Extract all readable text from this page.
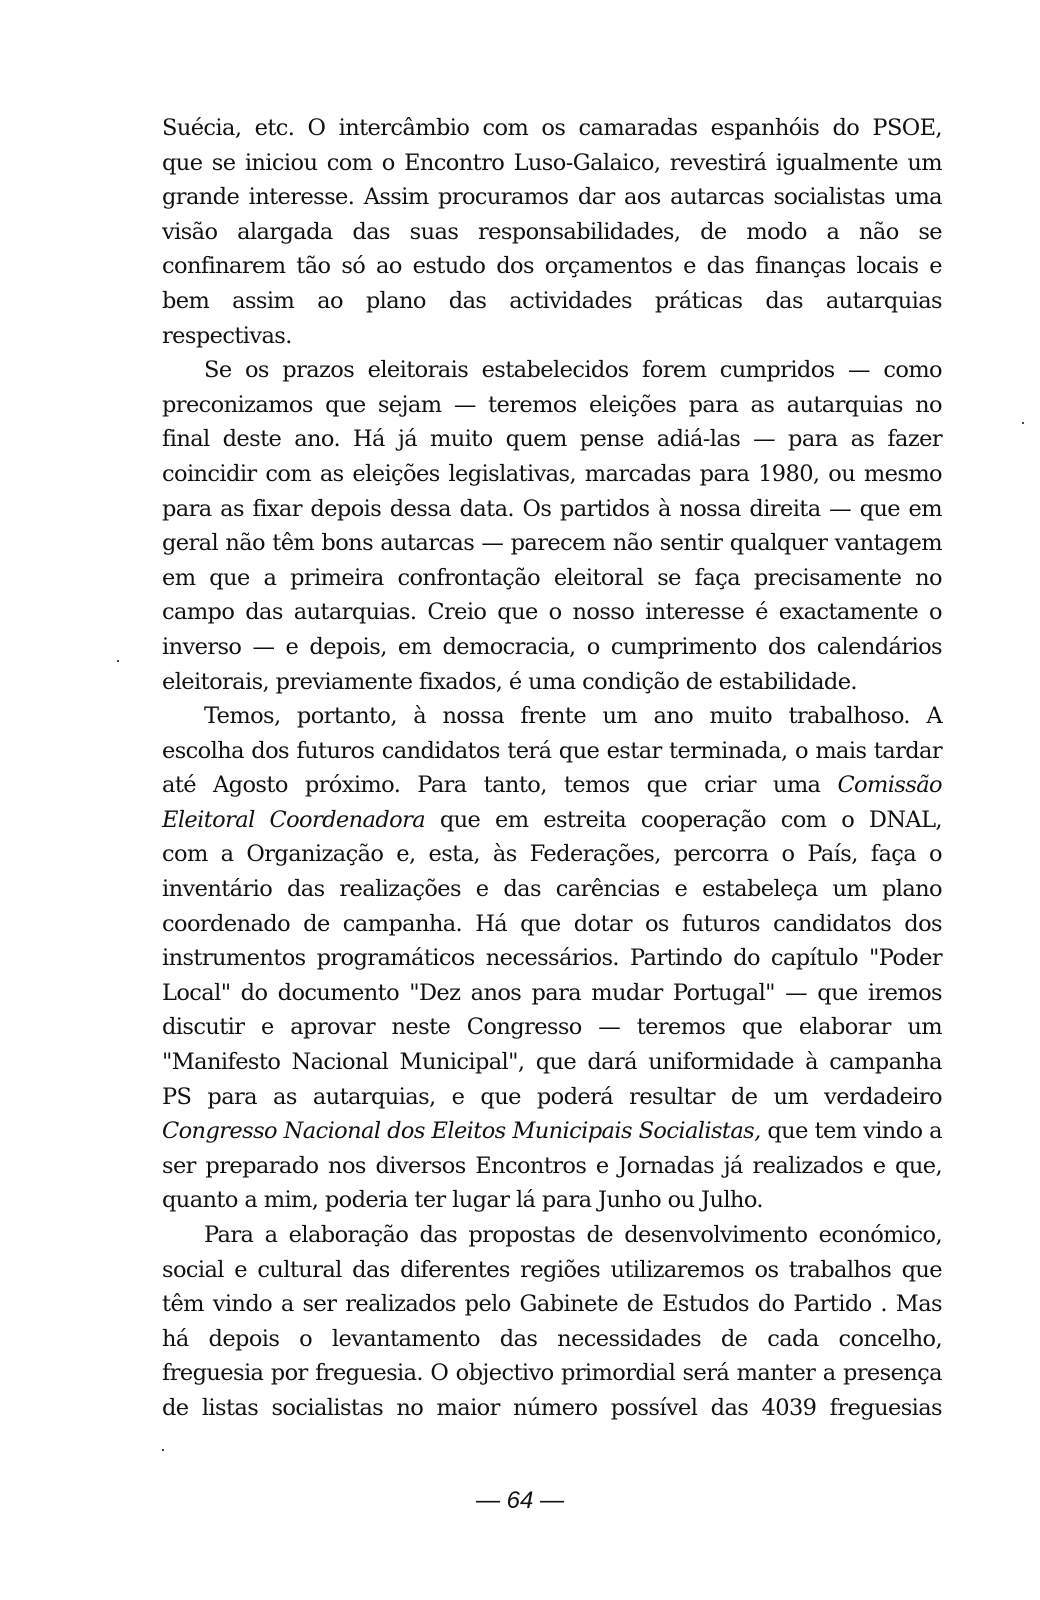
Suécia, etc. O intercâmbio com os camaradas espanhóis do PSOE,
que se iniciou com o Encontro Luso-Galaico, revestirá igualmente um
grande interesse. Assim procuramos dar aos autarcas socialistas uma
visão alargada das suas responsabilidades, de modo a não se
confinarem tão só ao estudo dos orçamentos e das finanças locais e
bem assim ao plano das actividades práticas das autarquias
respectivas.
Se os prazos eleitorais estabelecidos forem cumpridos — como
preconizamos que sejam — teremos eleições para as autarquias no
final deste ano. Há já muito quem pense adiá-las — para as fazer
coincidir com as eleições legislativas, marcadas para 1980, ou mesmo
para as fixar depois dessa data. Os partidos à nossa direita — que em
geral não têm bons autarcas — parecem não sentir qualquer vantagem
em que a primeira confrontação eleitoral se faça precisamente no
campo das autarquias. Creio que o nosso interesse é exactamente o
inverso — e depois, em democracia, o cumprimento dos calendários
eleitorais, previamente fixados, é uma condição de estabilidade.
Temos, portanto, à nossa frente um ano muito trabalhoso. A
escolha dos futuros candidatos terá que estar terminada, o mais tardar
até Agosto próximo. Para tanto, temos que criar uma Comissão
Eleitoral Coordenadora que em estreita cooperação com o DNAL,
com a Organização e, esta, às Federações, percorra o País, faça o
inventário das realizações e das carências e estabeleça um plano
coordenado de campanha. Há que dotar os futuros candidatos dos
instrumentos programáticos necessários. Partindo do capítulo "Poder
Local" do documento "Dez anos para mudar Portugal" — que iremos
discutir e aprovar neste Congresso — teremos que elaborar um
"Manifesto Nacional Municipal", que dará uniformidade à campanha
PS para as autarquias, e que poderá resultar de um verdadeiro
Congresso Nacional dos Eleitos Municipais Socialistas, que tem vindo a
ser preparado nos diversos Encontros e Jornadas já realizados e que,
quanto a mim, poderia ter lugar lá para Junho ou Julho.
Para a elaboração das propostas de desenvolvimento económico,
social e cultural das diferentes regiões utilizaremos os trabalhos que
têm vindo a ser realizados pelo Gabinete de Estudos do Partido . Mas
há depois o levantamento das necessidades de cada concelho,
freguesia por freguesia. O objectivo primordial será manter a presença
de listas socialistas no maior número possível das 4039 freguesias
— 64 —
